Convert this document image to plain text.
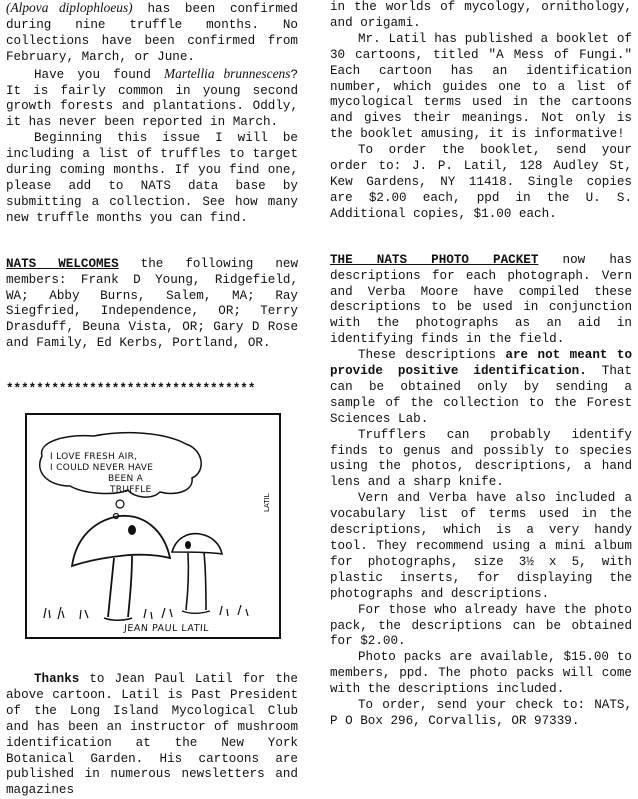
(Alpova diplophloeus) has been confirmed during nine truffle months. No collections have been confirmed from February, March, or June.

Have you found Martellia brunnescens? It is fairly common in young second growth forests and plantations. Oddly, it has never been reported in March.

Beginning this issue I will be including a list of truffles to target during coming months. If you find one, please add to NATS data base by submitting a collection. See how many new truffle months you can find.

NATS WELCOMES the following new members: Frank D Young, Ridgefield, WA; Abby Burns, Salem, MA; Ray Siegfried, Independence, OR; Terry Drasduff, Beuna Vista, OR; Gary D Rose and Family, Ed Kerbs, Portland, OR.

*********************************
I LOVE FRESH AIR,
I COULD NEVER HAVE
BEEN A
TRUFFLE
LATIL
JEAN PAUL LATIL

Thanks to Jean Paul Latil for the above cartoon. Latil is Past President of the Long Island Mycological Club and has been an instructor of mushroom identification at the New York Botanical Garden. His cartoons are published in numerous newsletters and magazines

in the worlds of mycology, ornithology, and origami.

Mr. Latil has published a booklet of 30 cartoons, titled "A Mess of Fungi." Each cartoon has an identification number, which guides one to a list of mycological terms used in the cartoons and gives their meanings. Not only is the booklet amusing, it is informative!

To order the booklet, send your order to: J. P. Latil, 128 Audley St, Kew Gardens, NY 11418. Single copies are $2.00 each, ppd in the U. S. Additional copies, $1.00 each.

THE NATS PHOTO PACKET now has descriptions for each photograph. Vern and Verba Moore have compiled these descriptions to be used in conjunction with the photographs as an aid in identifying finds in the field.

These descriptions are not meant to provide positive identification. That can be obtained only by sending a sample of the collection to the Forest Sciences Lab.

Trufflers can probably identify finds to genus and possibly to species using the photos, descriptions, a hand lens and a sharp knife.

Vern and Verba have also included a vocabulary list of terms used in the descriptions, which is a very handy tool. They recommend using a mini album for photographs, size 3½ x 5, with plastic inserts, for displaying the photographs and descriptions.

For those who already have the photo pack, the descriptions can be obtained for $2.00.

Photo packs are available, $15.00 to members, ppd. The photo packs will come with the descriptions included.

To order, send your check to: NATS, P O Box 296, Corvallis, OR 97339.
